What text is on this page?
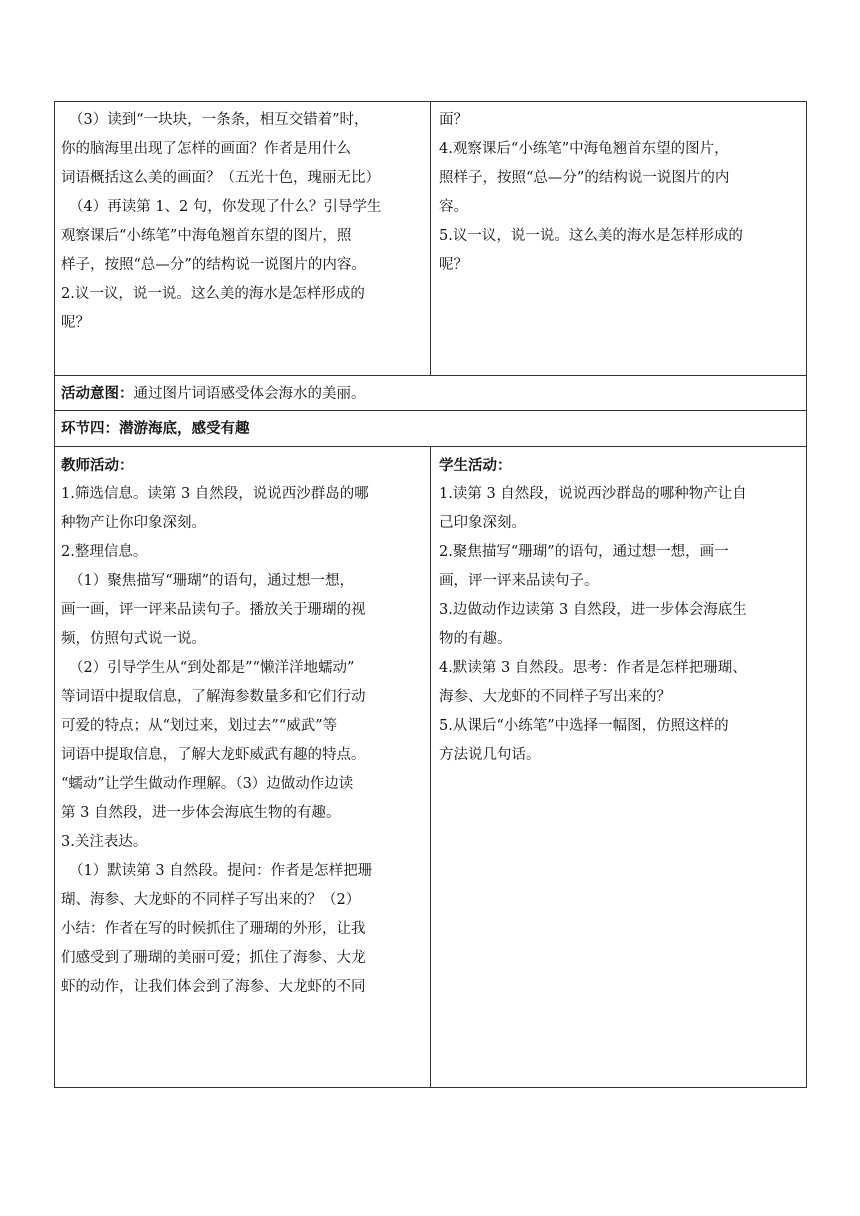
（3）读到“一块块，一条条，相互交错着”时，
你的脑海里出现了怎样的画面？作者是用什么
词语概括这么美的画面？（五光十色，瑰丽无比）
（4）再读第 1、2 句，你发现了什么？引导学生
观察课后“小练笔”中海龟翘首东望的图片，照
样子，按照“总—分”的结构说一说图片的内容。
2.议一议，说一说。这么美的海水是怎样形成的
呢？
面？
4.观察课后“小练笔”中海龟翘首东望的图片，
照样子，按照“总—分”的结构说一说图片的内
容。
5.议一议，说一说。这么美的海水是怎样形成的
呢？
活动意图：通过图片词语感受体会海水的美丽。
环节四：潜游海底，感受有趣
教师活动：
1.筛选信息。读第 3 自然段，说说西沙群岛的哪
种物产让你印象深刻。
2.整理信息。
（1）聚焦描写“珊瑚”的语句，通过想一想，
画一画，评一评来品读句子。播放关于珊瑚的视
频，仿照句式说一说。
（2）引导学生从“到处都是”“懒洋洋地蠕动”
等词语中提取信息，了解海参数量多和它们行动
可爱的特点；从“划过来，划过去”“威武”等
词语中提取信息，了解大龙虾威武有趣的特点。
“蠕动”让学生做动作理解。（3）边做动作边读
第 3 自然段，进一步体会海底生物的有趣。
3.关注表达。
（1）默读第 3 自然段。提问：作者是怎样把珊
瑚、海参、大龙虾的不同样子写出来的？（2）
小结：作者在写的时候抓住了珊瑚的外形，让我
们感受到了珊瑚的美丽可爱；抓住了海参、大龙
虾的动作，让我们体会到了海参、大龙虾的不同
学生活动：
1.读第 3 自然段，说说西沙群岛的哪种物产让自
己印象深刻。
2.聚焦描写“珊瑚”的语句，通过想一想，画一
画，评一评来品读句子。
3.边做动作边读第 3 自然段，进一步体会海底生
物的有趣。
4.默读第 3 自然段。思考：作者是怎样把珊瑚、
海参、大龙虾的不同样子写出来的？
5.从课后“小练笔”中选择一幅图，仿照这样的
方法说几句话。
